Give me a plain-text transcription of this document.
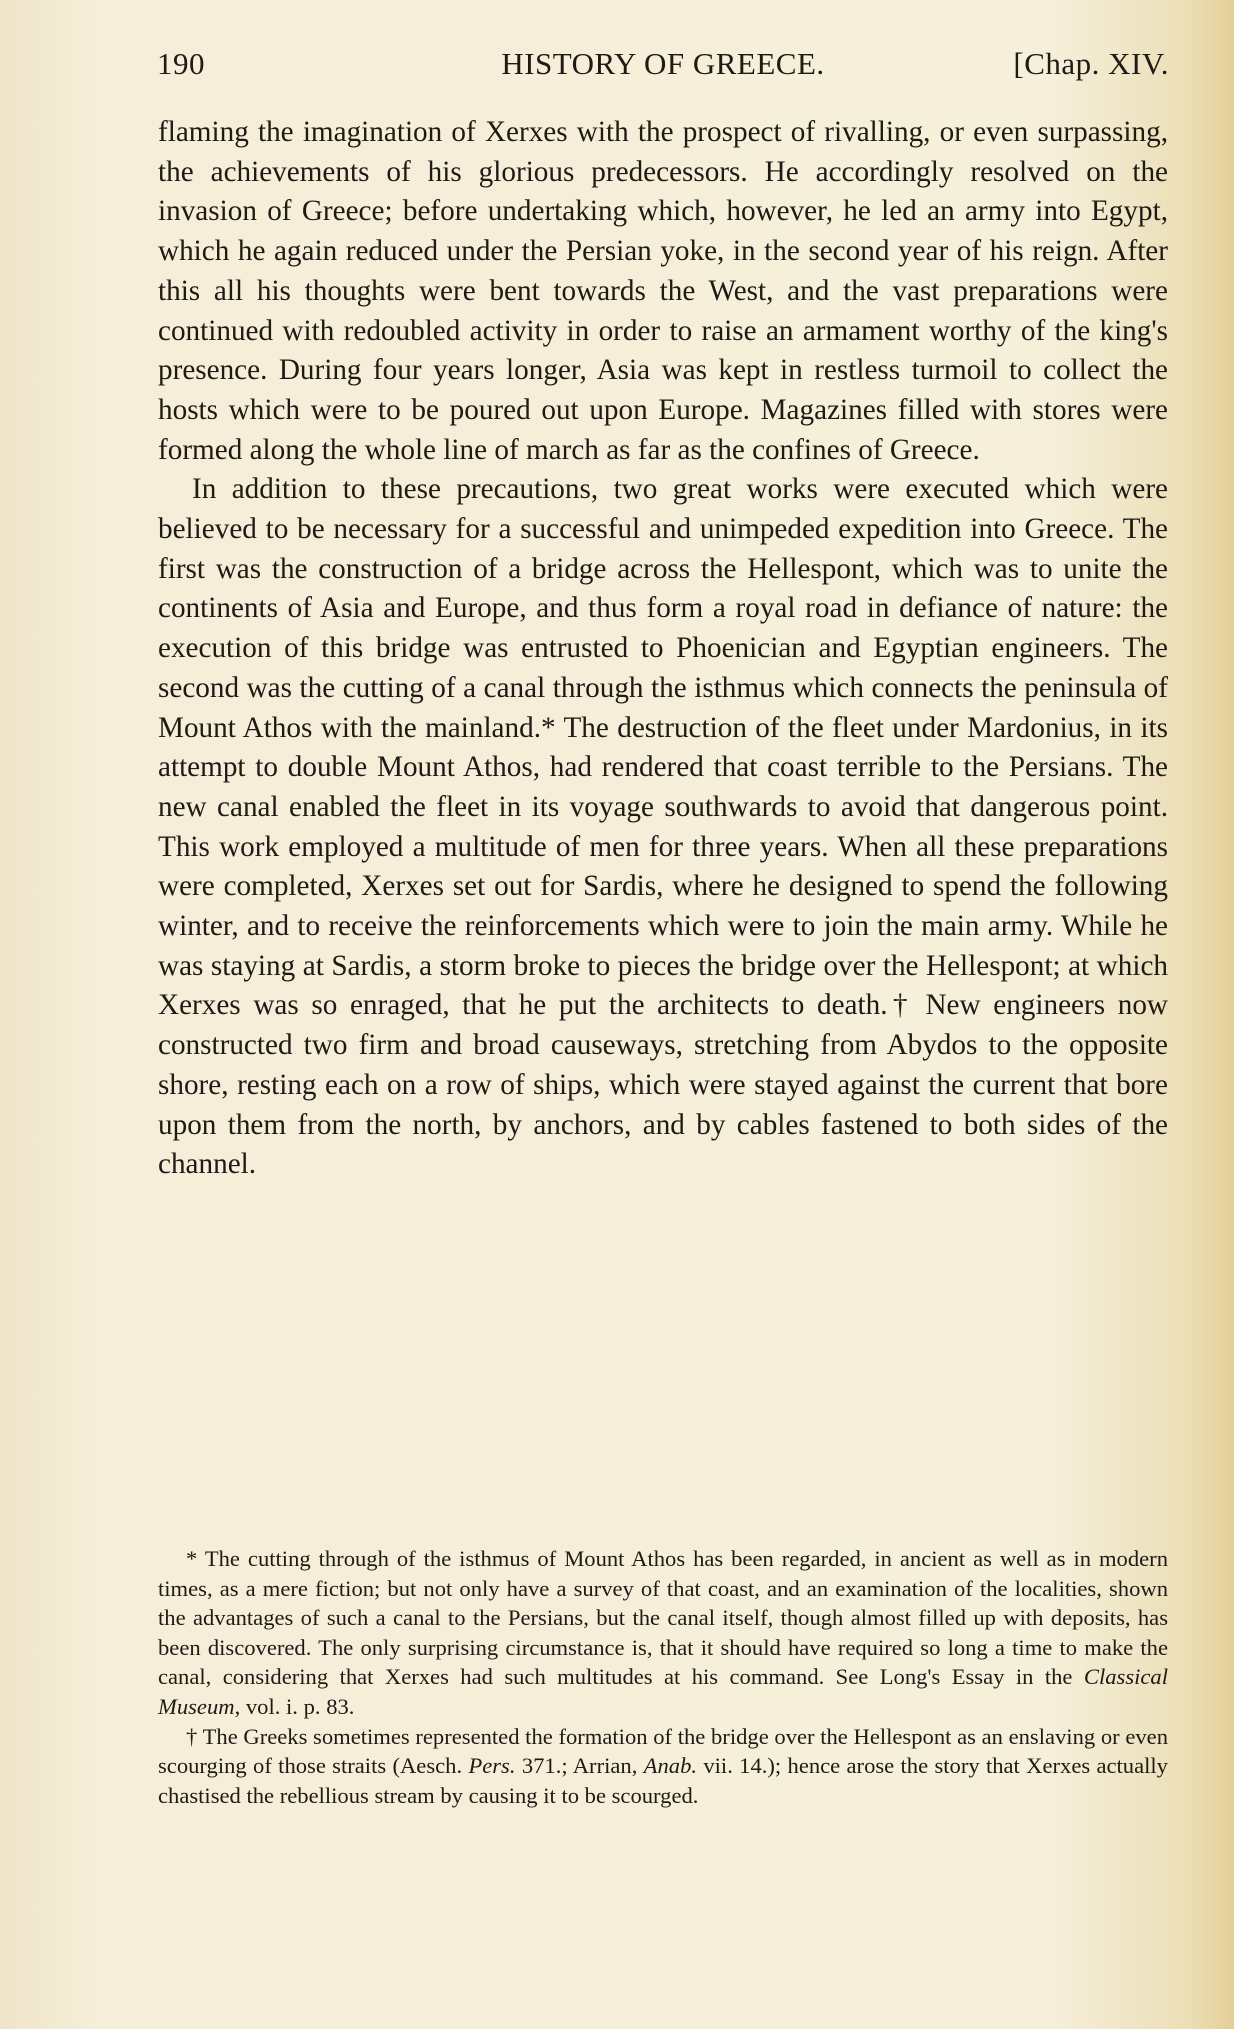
190	HISTORY OF GREECE.	[Chap. XIV.

flaming the imagination of Xerxes with the prospect of rivalling, or even surpassing, the achievements of his glorious predecessors. He accordingly resolved on the invasion of Greece; before undertaking which, however, he led an army into Egypt, which he again reduced under the Persian yoke, in the second year of his reign. After this all his thoughts were bent towards the West, and the vast preparations were continued with redoubled activity in order to raise an armament worthy of the king's presence. During four years longer, Asia was kept in restless turmoil to collect the hosts which were to be poured out upon Europe. Magazines filled with stores were formed along the whole line of march as far as the confines of Greece.

In addition to these precautions, two great works were executed which were believed to be necessary for a successful and unimpeded expedition into Greece. The first was the construction of a bridge across the Hellespont, which was to unite the continents of Asia and Europe, and thus form a royal road in defiance of nature: the execution of this bridge was entrusted to Phoenician and Egyptian engineers. The second was the cutting of a canal through the isthmus which connects the peninsula of Mount Athos with the mainland.* The destruction of the fleet under Mardonius, in its attempt to double Mount Athos, had rendered that coast terrible to the Persians. The new canal enabled the fleet in its voyage southwards to avoid that dangerous point. This work employed a multitude of men for three years. When all these preparations were completed, Xerxes set out for Sardis, where he designed to spend the following winter, and to receive the reinforcements which were to join the main army. While he was staying at Sardis, a storm broke to pieces the bridge over the Hellespont; at which Xerxes was so enraged, that he put the architects to death.† New engineers now constructed two firm and broad causeways, stretching from Abydos to the opposite shore, resting each on a row of ships, which were stayed against the current that bore upon them from the north, by anchors, and by cables fastened to both sides of the channel.

* The cutting through of the isthmus of Mount Athos has been regarded, in ancient as well as in modern times, as a mere fiction; but not only have a survey of that coast, and an examination of the localities, shown the advantages of such a canal to the Persians, but the canal itself, though almost filled up with deposits, has been discovered. The only surprising circumstance is, that it should have required so long a time to make the canal, considering that Xerxes had such multitudes at his command. See Long's Essay in the Classical Museum, vol. i. p. 83.

† The Greeks sometimes represented the formation of the bridge over the Hellespont as an enslaving or even scourging of those straits (Aesch. Pers. 371.; Arrian, Anab. vii. 14.); hence arose the story that Xerxes actually chastised the rebellious stream by causing it to be scourged.
